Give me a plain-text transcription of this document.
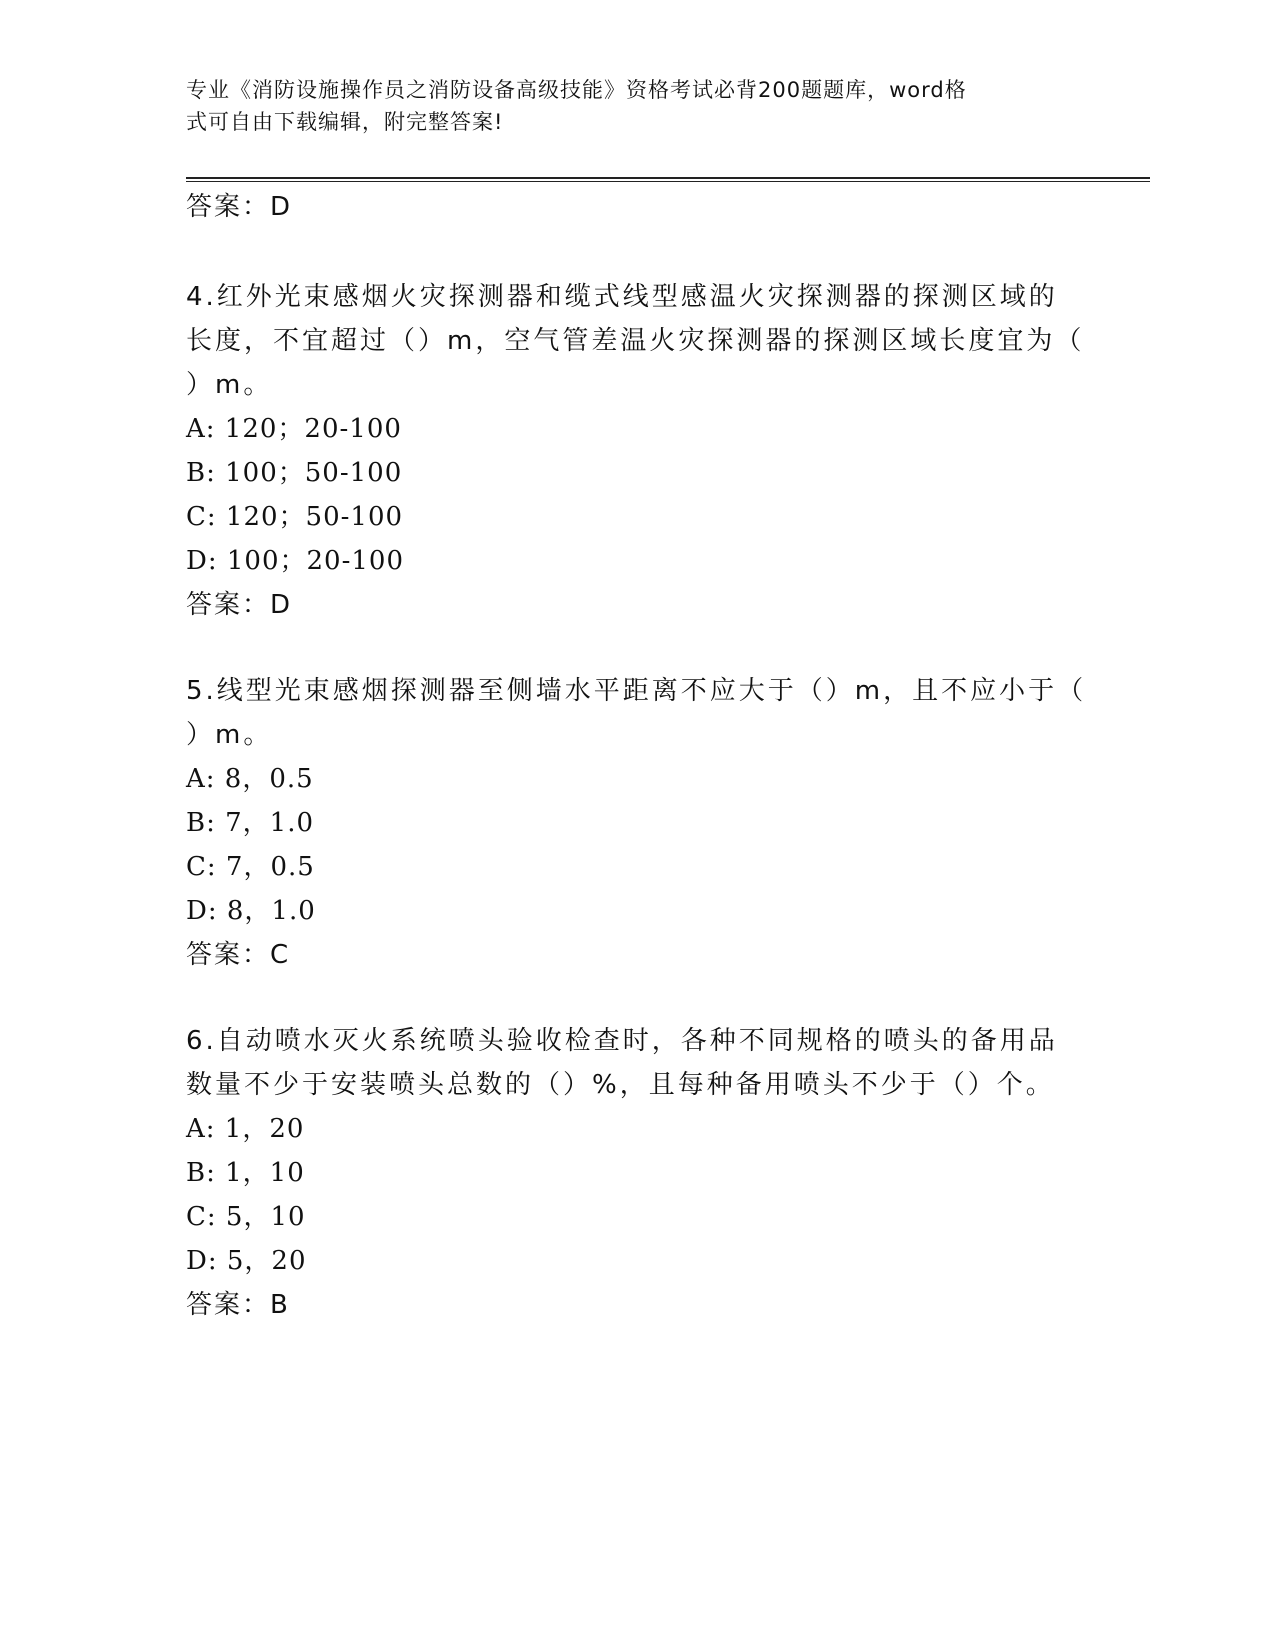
专业《消防设施操作员之消防设备高级技能》资格考试必背200题题库，word格
式可自由下载编辑，附完整答案!
答案：D
4.红外光束感烟火灾探测器和缆式线型感温火灾探测器的探测区域的
长度，不宜超过（）m，空气管差温火灾探测器的探测区域长度宜为（
）m。
A: 120；20-100
B: 100；50-100
C: 120；50-100
D: 100；20-100
答案：D
5.线型光束感烟探测器至侧墙水平距离不应大于（）m，且不应小于（
）m。
A: 8，0.5
B: 7，1.0
C: 7，0.5
D: 8，1.0
答案：C
6.自动喷水灭火系统喷头验收检查时，各种不同规格的喷头的备用品
数量不少于安装喷头总数的（）%，且每种备用喷头不少于（）个。
A: 1，20
B: 1，10
C: 5，10
D: 5，20
答案：B
